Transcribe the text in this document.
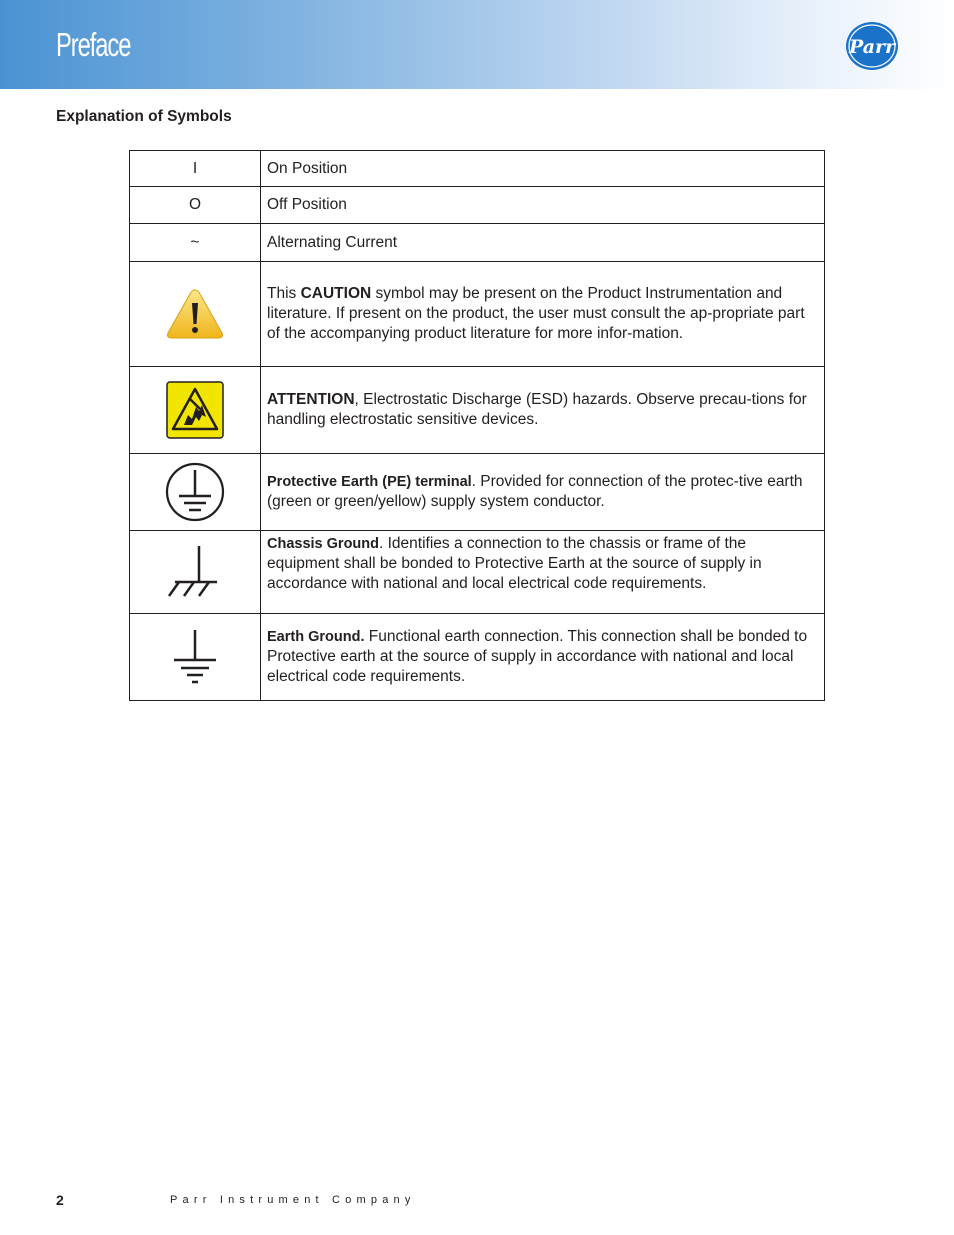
Preface	Parr
Explanation of Symbols
I	On Position
O	Off Position
~	Alternating Current
	This CAUTION symbol may be present on the Product Instrumentation and literature. If present on the product, the user must consult the ap-propriate part of the accompanying product literature for more infor-mation.
	ATTENTION, Electrostatic Discharge (ESD) hazards. Observe precau-tions for handling electrostatic sensitive devices.
	Protective Earth (PE) terminal. Provided for connection of the protec-tive earth (green or green/yellow) supply system conductor.
	Chassis Ground. Identifies a connection to the chassis or frame of the equipment shall be bonded to Protective Earth at the source of supply in accordance with national and local electrical code requirements.
	Earth Ground. Functional earth connection. This connection shall be bonded to Protective earth at the source of supply in accordance with national and local electrical code requirements.
2	Parr Instrument Company
